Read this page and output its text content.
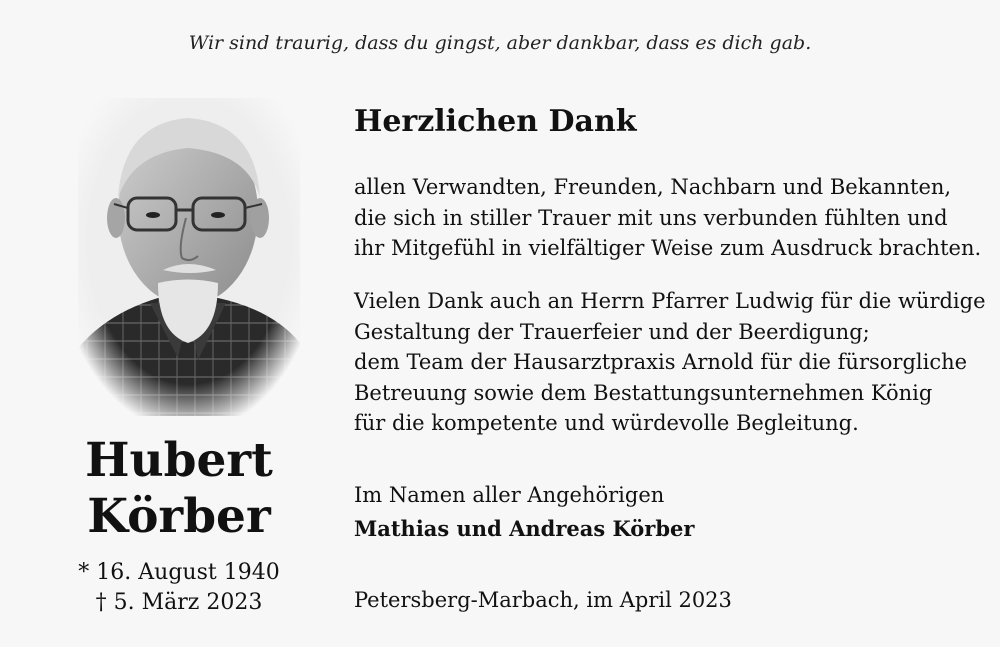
Wir sind traurig, dass du gingst, aber dankbar, dass es dich gab.
Hubert
Körber
* 16. August 1940
† 5. März 2023
Herzlichen Dank
allen Verwandten, Freunden, Nachbarn und Bekannten,
die sich in stiller Trauer mit uns verbunden fühlten und
ihr Mitgefühl in vielfältiger Weise zum Ausdruck brachten.
Vielen Dank auch an Herrn Pfarrer Ludwig für die würdige
Gestaltung der Trauerfeier und der Beerdigung;
dem Team der Hausarztpraxis Arnold für die fürsorgliche
Betreuung sowie dem Bestattungsunternehmen König
für die kompetente und würdevolle Begleitung.
Im Namen aller Angehörigen
Mathias und Andreas Körber
Petersberg-Marbach, im April 2023
